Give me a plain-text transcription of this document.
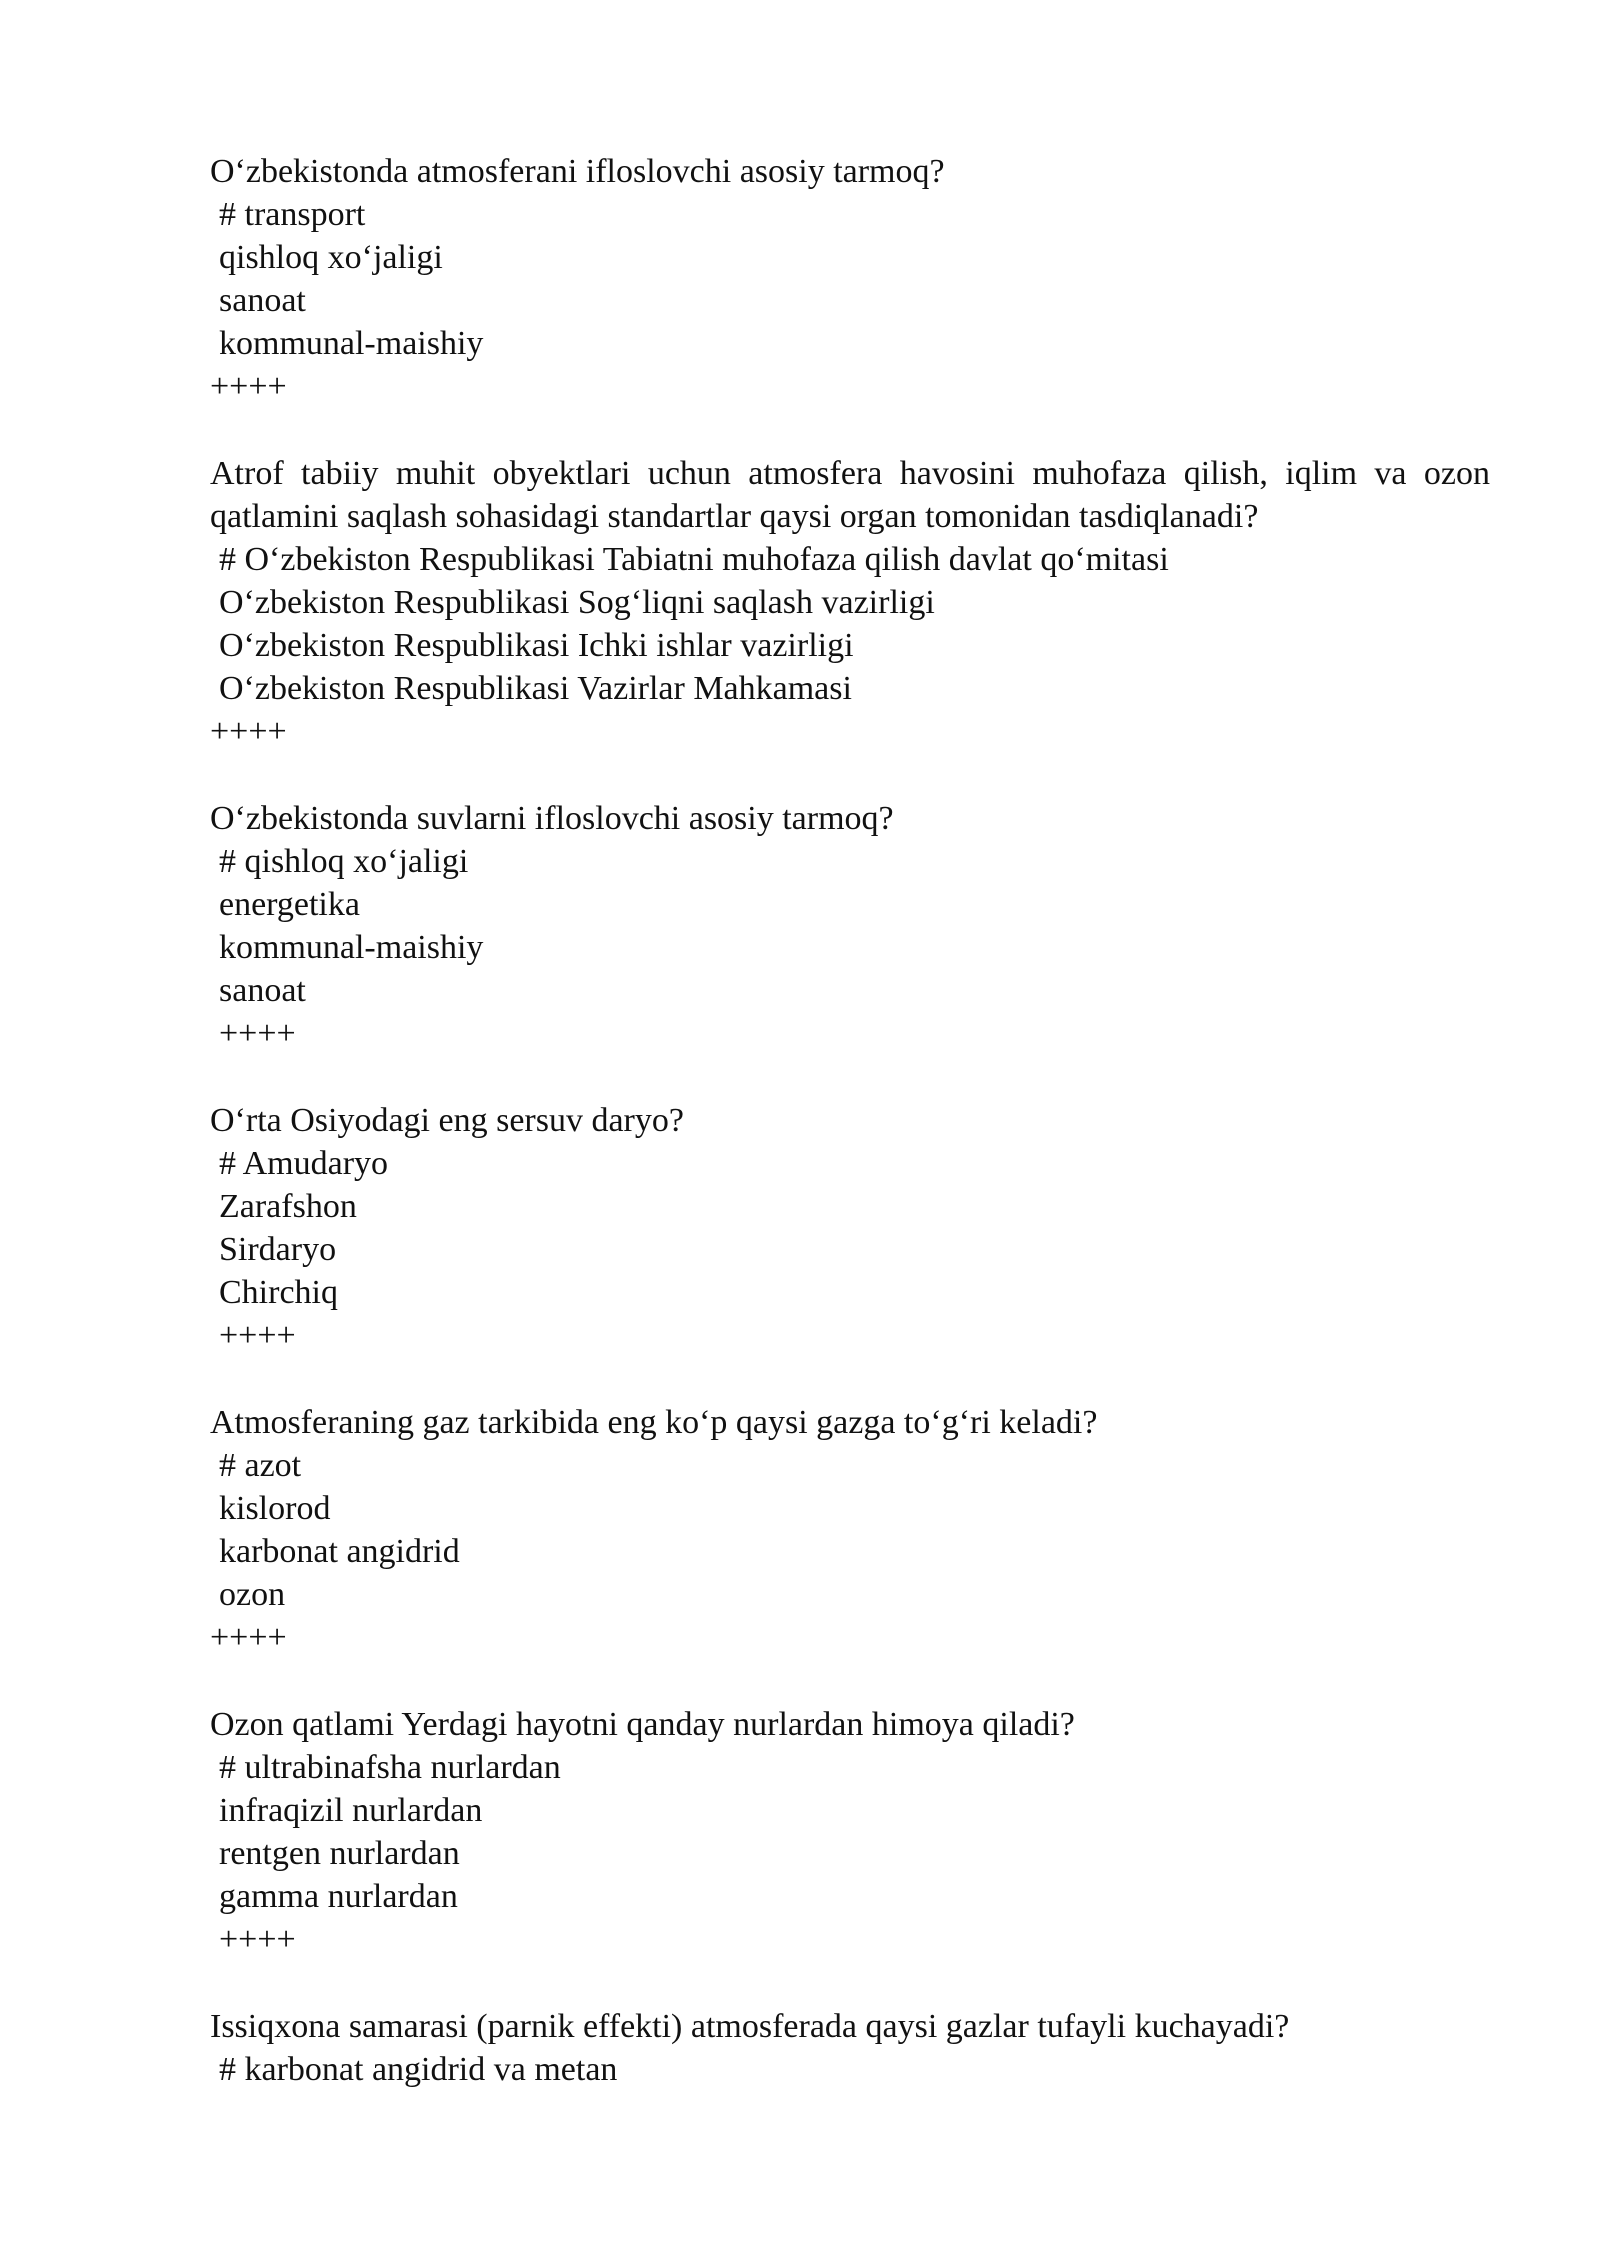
O‘zbekistonda atmosferani ifloslovchi asosiy tarmoq?

# transport

qishloq xo‘jaligi

sanoat

kommunal-maishiy

++++

Atrof tabiiy muhit obyektlari uchun atmosfera havosini muhofaza qilish, iqlim va ozon qatlamini saqlash sohasidagi standartlar qaysi organ tomonidan tasdiqlanadi?

# O‘zbekiston Respublikasi Tabiatni muhofaza qilish davlat qo‘mitasi

O‘zbekiston Respublikasi Sog‘liqni saqlash vazirligi

O‘zbekiston Respublikasi Ichki ishlar vazirligi

O‘zbekiston Respublikasi Vazirlar Mahkamasi

++++

O‘zbekistonda suvlarni ifloslovchi asosiy tarmoq?

# qishloq xo‘jaligi

energetika

kommunal-maishiy

sanoat

++++

O‘rta Osiyodagi eng sersuv daryo?

# Amudaryo

Zarafshon

Sirdaryo

Chirchiq

++++

Atmosferaning gaz tarkibida eng ko‘p qaysi gazga to‘g‘ri keladi?

# azot

kislorod

karbonat angidrid

ozon

++++

Ozon qatlami Yerdagi hayotni qanday nurlardan himoya qiladi?

# ultrabinafsha nurlardan

infraqizil nurlardan

rentgen nurlardan

gamma nurlardan

++++

Issiqxona samarasi (parnik effekti) atmosferada qaysi gazlar tufayli kuchayadi?

# karbonat angidrid va metan
